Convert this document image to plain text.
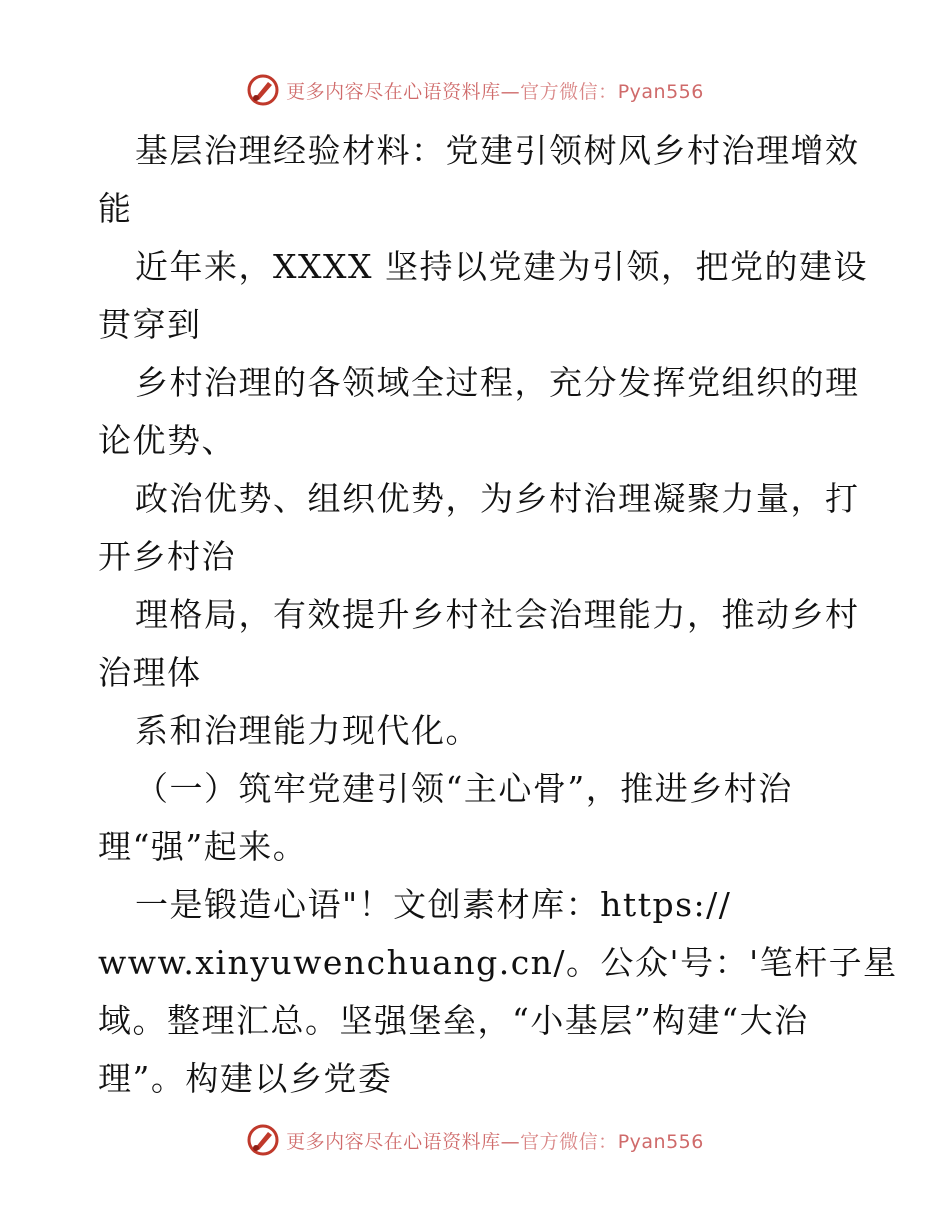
更多内容尽在心语资料库—官方微信：Pyan556
基层治理经验材料：党建引领树风乡村治理增效
能
近年来，XXXX 坚持以党建为引领，把党的建设
贯穿到
乡村治理的各领域全过程，充分发挥党组织的理
论优势、
政治优势、组织优势，为乡村治理凝聚力量，打
开乡村治
理格局，有效提升乡村社会治理能力，推动乡村
治理体
系和治理能力现代化。
（一）筑牢党建引领“主心骨”，推进乡村治
理“强”起来。
一是锻造心语"！文创素材库：https://
www.xinyuwenchuang.cn/。公众'号：'笔杆子星
域。整理汇总。坚强堡垒，“小基层”构建“大治
理”。构建以乡党委
更多内容尽在心语资料库—官方微信：Pyan556
